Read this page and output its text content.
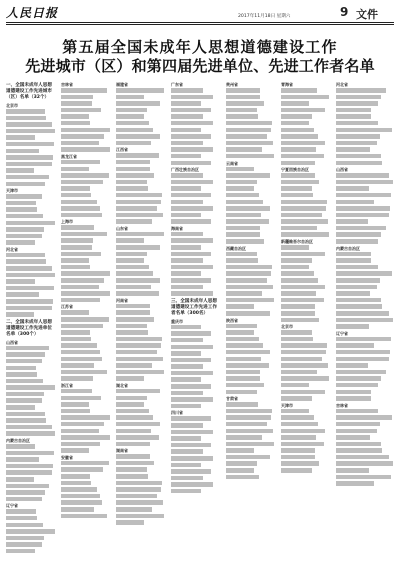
人民日报	2017年11月18日 星期六	9 文件
第五届全国未成年人思想道德建设工作
先进城市（区）和第四届先进单位、先进工作者名单
一、全国未成年人思想道德建设工作先进城市（区）名单（32个）
北京市
天津市
河北省
二、全国未成年人思想道德建设工作先进单位名单（300个）
山西省
内蒙古自治区
辽宁省
吉林省
黑龙江省
上海市
江苏省
浙江省
安徽省
福建省
江西省
山东省
河南省
湖北省
湖南省
广东省
广西壮族自治区
海南省
三、全国未成年人思想道德建设工作先进工作者名单（300名）
重庆市
四川省
贵州省
云南省
西藏自治区
陕西省
甘肃省
青海省
宁夏回族自治区
新疆维吾尔自治区
北京市
天津市
河北省
山西省
内蒙古自治区
辽宁省
吉林省
